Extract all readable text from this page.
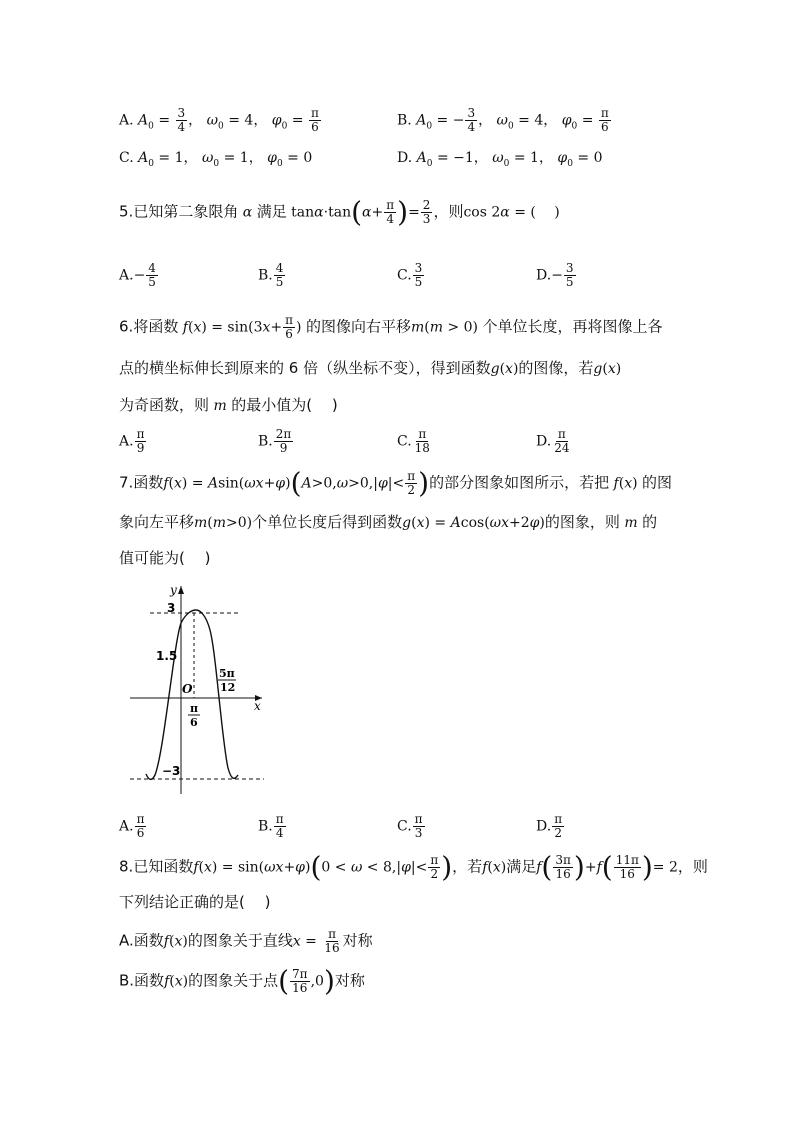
A. $A_0 = \frac{3}{4}$ ， $\omega_0 = 4$， $\varphi_0 = \frac{\pi}{6}$	B. $A_0$ = − $\frac{3}{4}$ ， $\omega_0 = 4$， $\varphi_0 = \frac{\pi}{6}$
C. $A_0 = 1$， $\omega_0 = 1$， $\varphi_0 = 0$	D. $A_0 = -1$， $\omega_0 = 1$， $\varphi_0 = 0$
5.已知第二象限角 α 满足 $\tan\alpha\cdot\tan(\alpha+ \frac{\pi}{4}$ )= $\frac{2}{3}$ ，则cos 2α = (　 )
$A.- \frac{4}{5}$	B. $\frac{4}{5}$	C. $\frac{3}{5}$	$D.- \frac{3}{5}$
6.将函数 $f(x) = \sin(3x+ \frac{\pi}{6}$ ) 的图像向右平移m(m > 0) 个单位长度，再将图像上各
点的横坐标伸长到原来的 6 倍（纵坐标不变），得到函数g(x)的图像，若g(x)
为奇函数，则 m 的最小值为(　 )
A. $\frac{\pi}{9}$	B. $\frac{2\pi}{9}$	C. $\frac{\pi}{18}$	D. $\frac{\pi}{24}$
7.函数$f(x) = Asin(\omega x+\varphi)(A>0,\omega>0,|\varphi|< \frac{\pi}{2}$ )的部分图象如图所示，若把 f(x) 的图
象向左平移m(m>0)个单位长度后得到函数g(x) = Acos(ωx+2φ)的图象，则 m 的
值可能为(　 )
y
x
3
1.5
−3
O
π
6
5π
12
A. $\frac{\pi}{6}$	B. $\frac{\pi}{4}$	C. $\frac{\pi}{3}$	D. $\frac{\pi}{2}$
8.已知函数$f(x) = \sin(\omega x+\varphi)(0 < \omega < 8,|\varphi|< \frac{\pi}{2}$ )，若f(x)满足$f( \frac{3\pi}{16} )+f( \frac{11\pi}{16}$ )= 2，则
下列结论正确的是(　 )
A.函数f(x)的图象关于直线$x = \frac{\pi}{16}$ 对称
B.函数f(x)的图象关于点( $\frac{7\pi}{16} ,0$)对称
